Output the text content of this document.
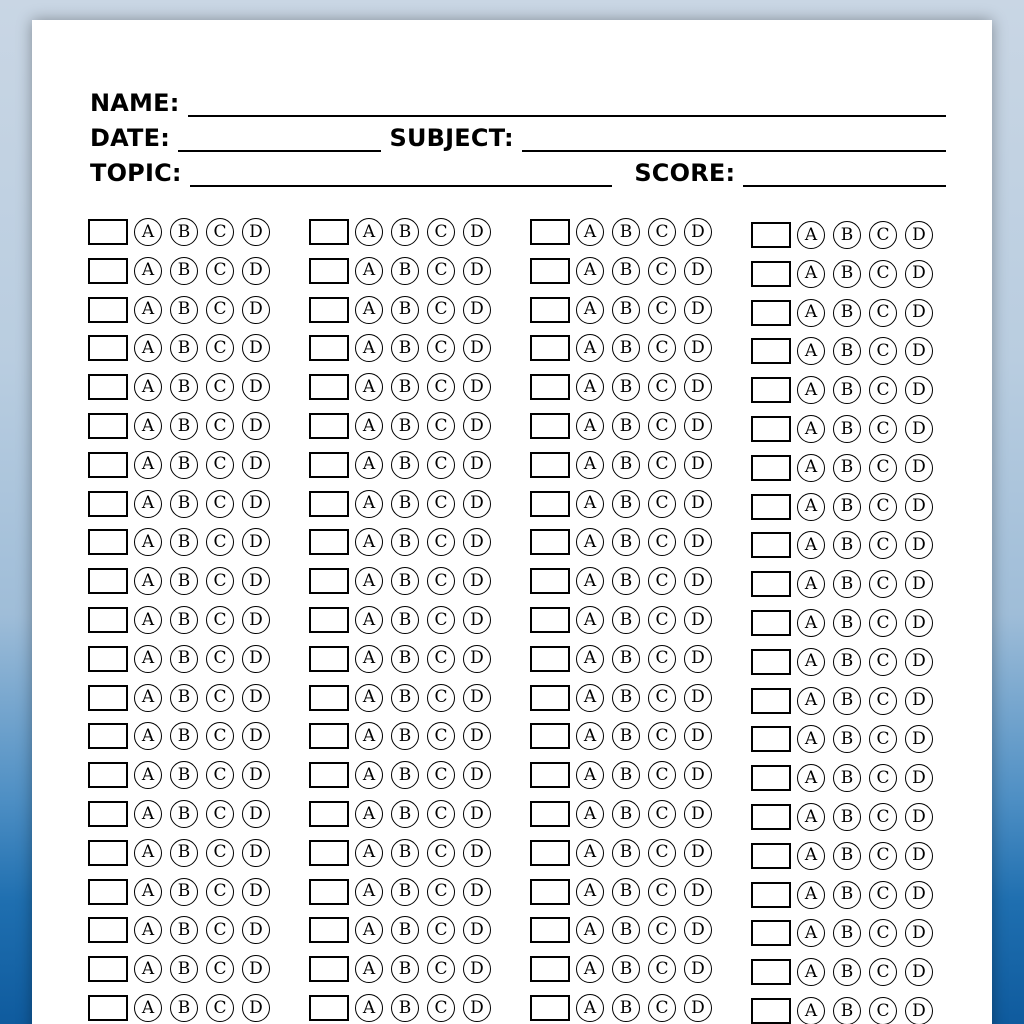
NAME:
DATE:	SUBJECT:
TOPIC:	SCORE:
A	B	C	D
A	B	C	D
A	B	C	D
A	B	C	D
A	B	C	D
A	B	C	D
A	B	C	D
A	B	C	D
A	B	C	D
A	B	C	D
A	B	C	D
A	B	C	D
A	B	C	D
A	B	C	D
A	B	C	D
A	B	C	D
A	B	C	D
A	B	C	D
A	B	C	D
A	B	C	D
A	B	C	D
A	B	C	D
A	B	C	D
A	B	C	D
A	B	C	D
A	B	C	D
A	B	C	D
A	B	C	D
A	B	C	D
A	B	C	D
A	B	C	D
A	B	C	D
A	B	C	D
A	B	C	D
A	B	C	D
A	B	C	D
A	B	C	D
A	B	C	D
A	B	C	D
A	B	C	D
A	B	C	D
A	B	C	D
A	B	C	D
A	B	C	D
A	B	C	D
A	B	C	D
A	B	C	D
A	B	C	D
A	B	C	D
A	B	C	D
A	B	C	D
A	B	C	D
A	B	C	D
A	B	C	D
A	B	C	D
A	B	C	D
A	B	C	D
A	B	C	D
A	B	C	D
A	B	C	D
A	B	C	D
A	B	C	D
A	B	C	D
A	B	C	D
A	B	C	D
A	B	C	D
A	B	C	D
A	B	C	D
A	B	C	D
A	B	C	D
A	B	C	D
A	B	C	D
A	B	C	D
A	B	C	D
A	B	C	D
A	B	C	D
A	B	C	D
A	B	C	D
A	B	C	D
A	B	C	D
A	B	C	D
A	B	C	D
A	B	C	D
A	B	C	D
